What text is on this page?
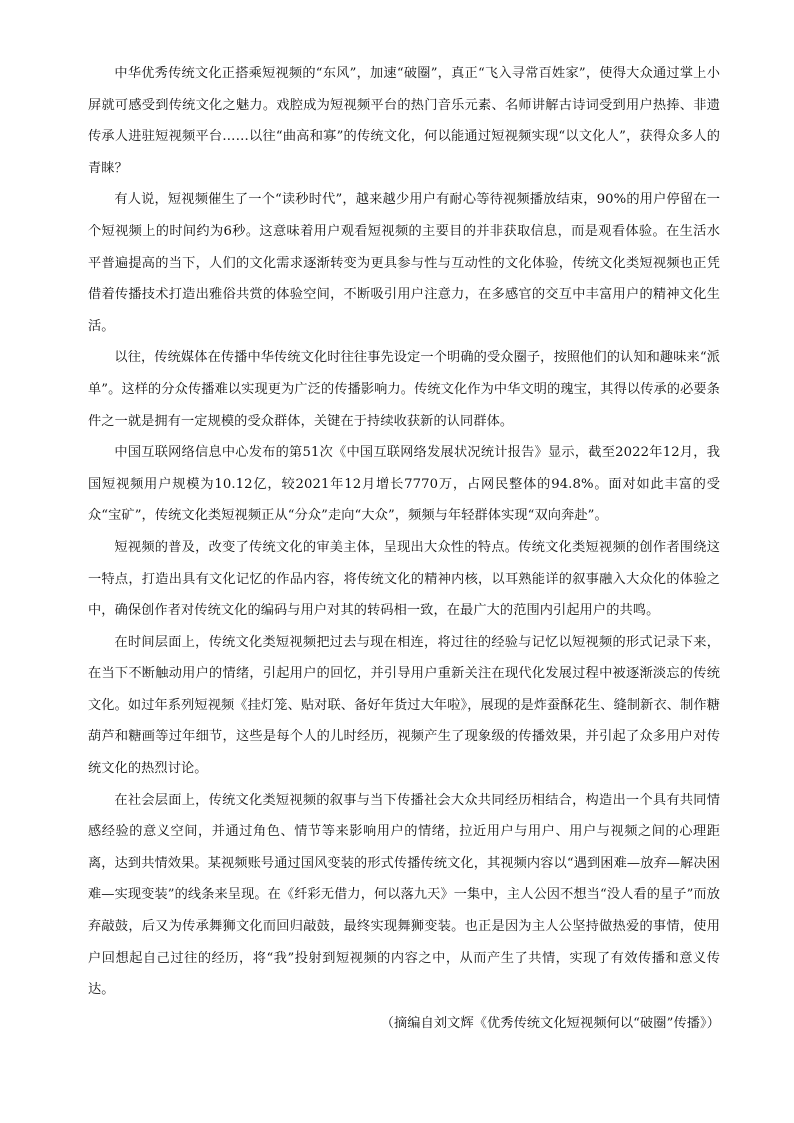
中华优秀传统文化正搭乘短视频的“东风”，加速“破圈”，真正“飞入寻常百姓家”，使得大众通过掌上小屏就可感受到传统文化之魅力。戏腔成为短视频平台的热门音乐元素、名师讲解古诗词受到用户热捧、非遗传承人进驻短视频平台……以往“曲高和寡”的传统文化，何以能通过短视频实现“以文化人”，获得众多人的青睐？

有人说，短视频催生了一个“读秒时代”，越来越少用户有耐心等待视频播放结束，90%的用户停留在一个短视频上的时间约为6秒。这意味着用户观看短视频的主要目的并非获取信息，而是观看体验。在生活水平普遍提高的当下，人们的文化需求逐渐转变为更具参与性与互动性的文化体验，传统文化类短视频也正凭借着传播技术打造出雅俗共赏的体验空间，不断吸引用户注意力，在多感官的交互中丰富用户的精神文化生活。

以往，传统媒体在传播中华传统文化时往往事先设定一个明确的受众圈子，按照他们的认知和趣味来“派单”。这样的分众传播难以实现更为广泛的传播影响力。传统文化作为中华文明的瑰宝，其得以传承的必要条件之一就是拥有一定规模的受众群体，关键在于持续收获新的认同群体。

中国互联网络信息中心发布的第51次《中国互联网络发展状况统计报告》显示，截至2022年12月，我国短视频用户规模为10.12亿，较2021年12月增长7770万，占网民整体的94.8%。面对如此丰富的受众“宝矿”，传统文化类短视频正从“分众”走向“大众”，频频与年轻群体实现“双向奔赴”。

短视频的普及，改变了传统文化的审美主体，呈现出大众性的特点。传统文化类短视频的创作者围绕这一特点，打造出具有文化记忆的作品内容，将传统文化的精神内核，以耳熟能详的叙事融入大众化的体验之中，确保创作者对传统文化的编码与用户对其的转码相一致，在最广大的范围内引起用户的共鸣。

在时间层面上，传统文化类短视频把过去与现在相连，将过往的经验与记忆以短视频的形式记录下来，在当下不断触动用户的情绪，引起用户的回忆，并引导用户重新关注在现代化发展过程中被逐渐淡忘的传统文化。如过年系列短视频《挂灯笼、贴对联、备好年货过大年啦》，展现的是炸蚕酥花生、缝制新衣、制作糖葫芦和糖画等过年细节，这些是每个人的儿时经历，视频产生了现象级的传播效果，并引起了众多用户对传统文化的热烈讨论。

在社会层面上，传统文化类短视频的叙事与当下传播社会大众共同经历相结合，构造出一个具有共同情感经验的意义空间，并通过角色、情节等来影响用户的情绪，拉近用户与用户、用户与视频之间的心理距离，达到共情效果。某视频账号通过国风变装的形式传播传统文化，其视频内容以“遇到困难—放弃—解决困难—实现变装”的线条来呈现。在《纤彩无借力，何以落九天》一集中，主人公因不想当“没人看的星子”而放弃敲鼓，后又为传承舞狮文化而回归敲鼓，最终实现舞狮变装。也正是因为主人公坚持做热爱的事情，使用户回想起自己过往的经历，将“我”投射到短视频的内容之中，从而产生了共情，实现了有效传播和意义传达。

（摘编自刘文辉《优秀传统文化短视频何以“破圈”传播》）
